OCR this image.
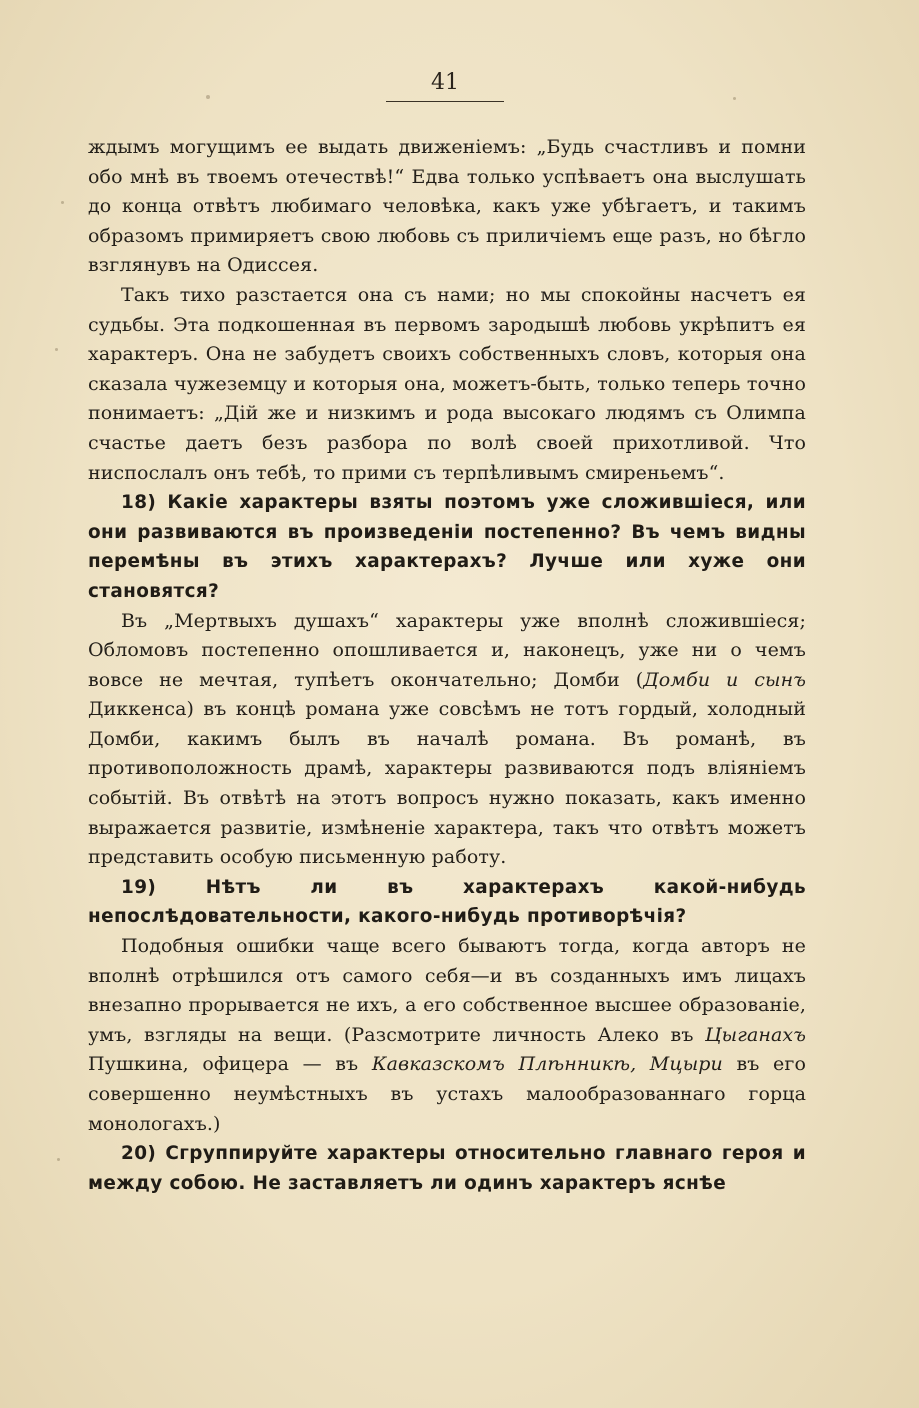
41

ждымъ могущимъ ее выдать движеніемъ: „Будь счастливъ и помни обо мнѣ въ твоемъ отечествѣ!“ Едва только успѣваетъ она выслушать до конца отвѣтъ любимаго человѣка, какъ уже убѣгаетъ, и такимъ образомъ примиряетъ свою любовь съ приличіемъ еще разъ, но бѣгло взглянувъ на Одиссея.

Такъ тихо разстается она съ нами; но мы спокойны насчетъ ея судьбы. Эта подкошенная въ первомъ зародышѣ любовь укрѣпитъ ея характеръ. Она не забудетъ своихъ собственныхъ словъ, которыя она сказала чужеземцу и которыя она, можетъ-быть, только теперь точно понимаетъ: „Дій же и низкимъ и рода высокаго людямъ съ Олимпа счастье даетъ безъ разбора по волѣ своей прихотливой. Что ниспослалъ онъ тебѣ, то прими съ терпѣливымъ смиреньемъ“.

18) Какіе характеры взяты поэтомъ уже сложившіеся, или они развиваются въ произведеніи постепенно? Въ чемъ видны перемѣны въ этихъ характерахъ? Лучше или хуже они становятся?

Въ „Мертвыхъ душахъ“ характеры уже вполнѣ сложившіеся; Обломовъ постепенно опошливается и, наконецъ, уже ни о чемъ вовсе не мечтая, тупѣетъ окончательно; Домби (Домби и сынъ Диккенса) въ концѣ романа уже совсѣмъ не тотъ гордый, холодный Домби, какимъ былъ въ началѣ романа. Въ романѣ, въ противоположность драмѣ, характеры развиваются подъ вліяніемъ событій. Въ отвѣтѣ на этотъ вопросъ нужно показать, какъ именно выражается развитіе, измѣненіе характера, такъ что отвѣтъ можетъ представить особую письменную работу.

19) Нѣтъ ли въ характерахъ какой-нибудь непослѣдовательности, какого-нибудь противорѣчія?

Подобныя ошибки чаще всего бываютъ тогда, когда авторъ не вполнѣ отрѣшился отъ самого себя—и въ созданныхъ имъ лицахъ внезапно прорывается не ихъ, а его собственное высшее образованіе, умъ, взгляды на вещи. (Разсмотрите личность Алеко въ Цыганахъ Пушкина, офицера — въ Кавказскомъ Плѣнникѣ, Мцыри въ его совершенно неумѣстныхъ въ устахъ малообразованнаго горца монологахъ.)

20) Сгруппируйте характеры относительно главнаго героя и между собою. Не заставляетъ ли одинъ характеръ яснѣе
